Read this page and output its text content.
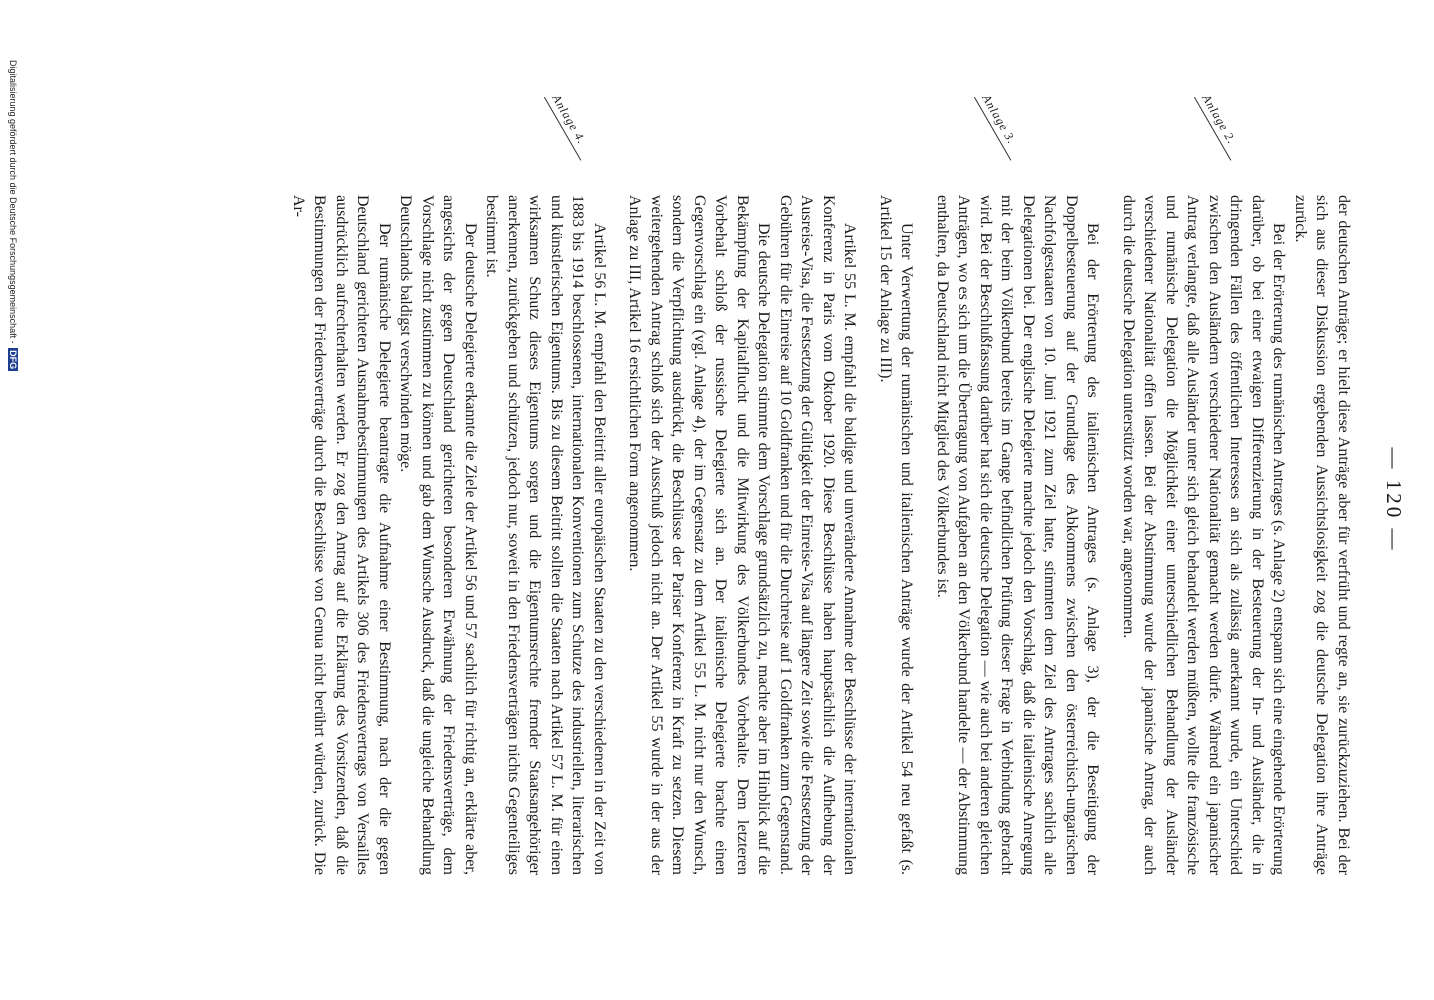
— 120 —

der deutschen Anträge; er hielt diese Anträge aber für verfrüht und regte an, sie zurückzuziehen. Bei der sich aus dieser Diskussion ergebenden Aussichtslosigkeit zog die deutsche Delegation ihre Anträge zurück.

Bei der Erörterung des rumänischen Antrages (s. Anlage 2) entspann sich eine eingehende Erörterung darüber, ob bei einer etwaigen Differenzierung in der Besteuerung der In- und Ausländer, die in dringenden Fällen des öffentlichen Interesses an sich als zulässig anerkannt wurde, ein Unterschied zwischen den Ausländern verschiedener Nationalität gemacht werden dürfe. Während ein japanischer Antrag verlangte, daß alle Ausländer unter sich gleich behandelt werden müßten, wollte die französische und rumänische Delegation die Möglichkeit einer unterschiedlichen Behandlung der Ausländer verschiedener Nationalität offen lassen. Bei der Abstimmung wurde der japanische Antrag, der auch durch die deutsche Delegation unterstützt worden war, angenommen.

Bei der Erörterung des italienischen Antrages (s. Anlage 3), der die Beseitigung der Doppelbesteuerung auf der Grundlage des Abkommens zwischen den österreichisch-ungarischen Nachfolgestaaten von 10. Juni 1921 zum Ziel hatte, stimmten dem Ziel des Antrages sachlich alle Delegationen bei. Der englische Delegierte machte jedoch den Vorschlag, daß die italienische Anregung mit der beim Völkerbund bereits im Gange befindlichen Prüfung dieser Frage in Verbindung gebracht wird. Bei der Beschlußfassung darüber hat sich die deutsche Delegation — wie auch bei anderen gleichen Anträgen, wo es sich um die Übertragung von Aufgaben an den Völkerbund handelte — der Abstimmung enthalten, da Deutschland nicht Mitglied des Völkerbundes ist.

Unter Verwertung der rumänischen und italienischen Anträge wurde der Artikel 54 neu gefaßt (s. Artikel 15 der Anlage zu III).

Artikel 55 L. M. empfahl die baldige und unveränderte Annahme der Beschlüsse der internationalen Konferenz in Paris vom Oktober 1920. Diese Beschlüsse haben hauptsächlich die Aufhebung der Ausreise-Visa, die Festsetzung der Gültigkeit der Einreise-Visa auf längere Zeit sowie die Festsetzung der Gebühren für die Einreise auf 10 Goldfranken und für die Durchreise auf 1 Goldfranken zum Gegenstand.

Die deutsche Delegation stimmte dem Vorschlage grundsätzlich zu, machte aber im Hinblick auf die Bekämpfung der Kapitalflucht und die Mitwirkung des Völkerbundes Vorbehalte. Dem letzteren Vorbehalt schloß der russische Delegierte sich an. Der italienische Delegierte brachte einen Gegenvorschlag ein (vgl. Anlage 4), der im Gegensatz zu dem Artikel 55 L. M. nicht nur den Wunsch, sondern die Verpflichtung ausdrückt, die Beschlüsse der Pariser Konferenz in Kraft zu setzen. Diesem weitergehenden Antrag schloß sich der Ausschuß jedoch nicht an. Der Artikel 55 wurde in der aus der Anlage zu III, Artikel 16 ersichtlichen Form angenommen.

Artikel 56 L. M. empfahl den Beitritt aller europäischen Staaten zu den verschiedenen in der Zeit von 1883 bis 1914 beschlossenen, internationalen Konventionen zum Schutze des industriellen, literarischen und künstlerischen Eigentums. Bis zu diesem Beitritt sollten die Staaten nach Artikel 57 L. M. für einen wirksamen Schutz dieses Eigentums sorgen und die Eigentumsrechte fremder Staatsangehöriger anerkennen, zurückgeben und schützen, jedoch nur, soweit in den Friedensverträgen nichts Gegenteiliges bestimmt ist.

Der deutsche Delegierte erkannte die Ziele der Artikel 56 und 57 sachlich für richtig an, erklärte aber, angesichts der gegen Deutschland gerichteten besonderen Erwähnung der Friedensverträge, dem Vorschlage nicht zustimmen zu können und gab dem Wunsche Ausdruck, daß die ungleiche Behandlung Deutschlands baldigst verschwinden möge.

Der rumänische Delegierte beantragte die Aufnahme einer Bestimmung, nach der die gegen Deutschland gerichteten Ausnahmebestimmungen des Artikels 306 des Friedensvertrags von Versailles ausdrücklich aufrechterhalten werden. Er zog den Antrag auf die Erklärung des Vorsitzenden, daß die Bestimmungen der Friedensverträge durch die Beschlüsse von Genua nicht berührt würden, zurück. Die Ar-

Anlage 2.
Anlage 3.
Anlage 4.
Digitalisierung gefördert durch die Deutsche Forschungsgemeinschaft - DFG
